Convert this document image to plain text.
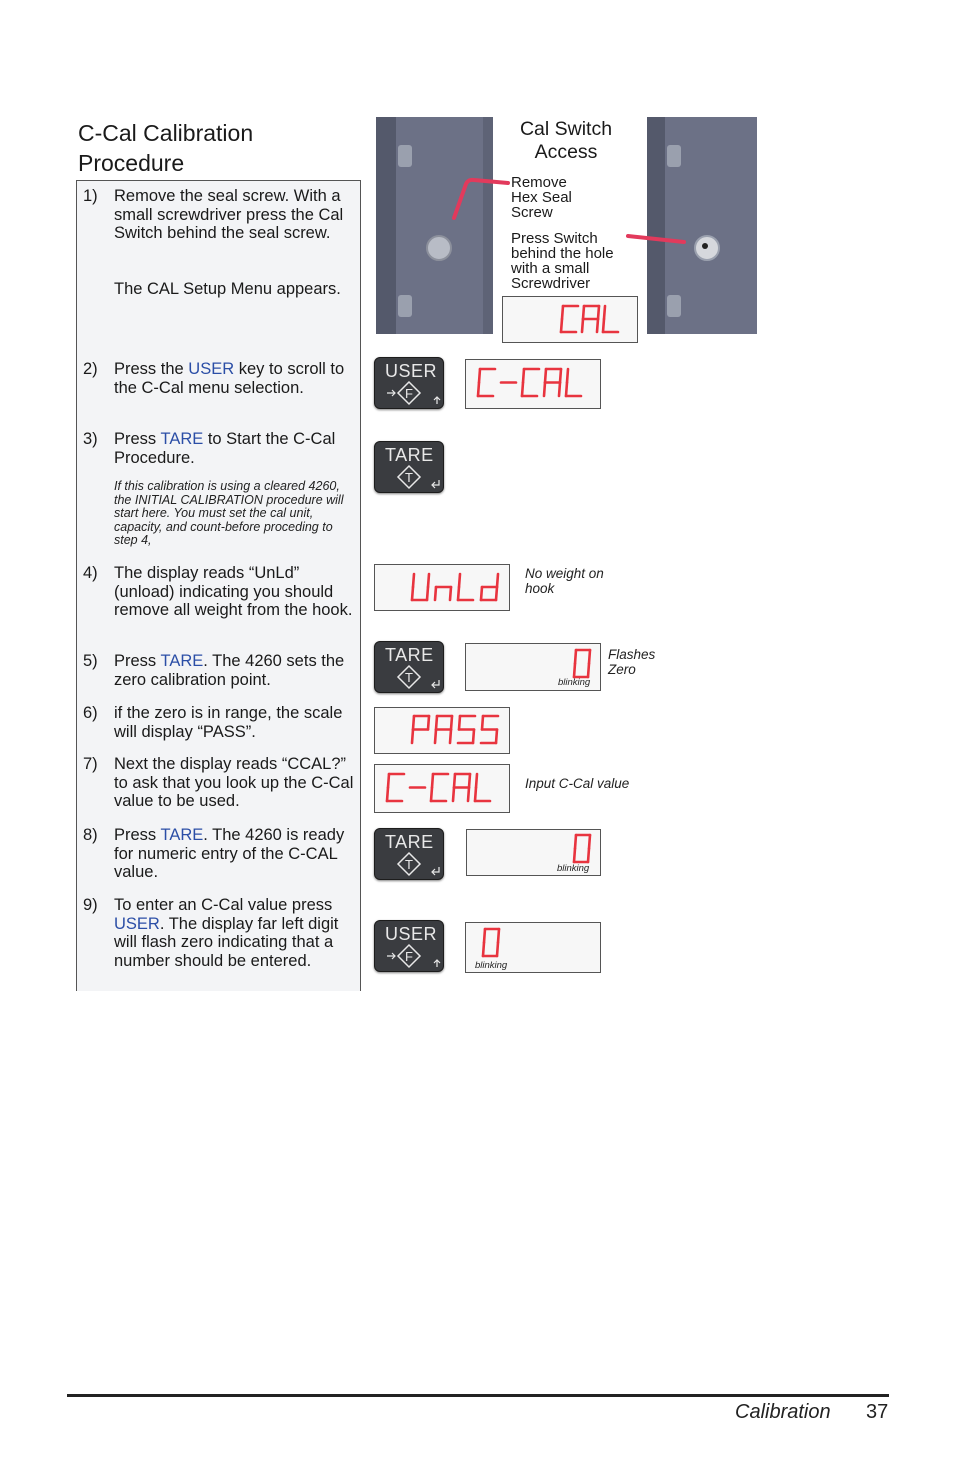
C-Cal Calibration Procedure
1) Remove the seal screw. With a small screwdriver press the Cal Switch behind the seal screw.
The CAL Setup Menu appears.
2) Press the USER key to scroll to the C-Cal menu selection.
3) Press TARE to Start the C-Cal Procedure.
If this calibration is using a cleared 4260, the INITIAL CALIBRATION procedure will start here. You must set the cal unit, capacity, and count-before proceding to step 4,
4) The display reads “UnLd” (unload) indicating you should remove all weight from the hook.
5) Press TARE. The 4260 sets the zero calibration point.
6) if the zero is in range, the scale will display “PASS”.
7) Next the display reads “CCAL?” to ask that you look up the C-Cal value to be used.
8) Press TARE. The 4260 is ready for numeric entry of the C-CAL value.
9) To enter an C-Cal value press USER. The display far left digit will flash zero indicating that a number should be entered.
Cal Switch Access
Remove Hex Seal Screw
Press Switch behind the hole with a small Screwdriver
USER
F
TARE
T
No weight on hook
TARE
T	blinking
Flashes Zero
Input C-Cal value
TARE
T	blinking
USER
F
blinking
Calibration 37
